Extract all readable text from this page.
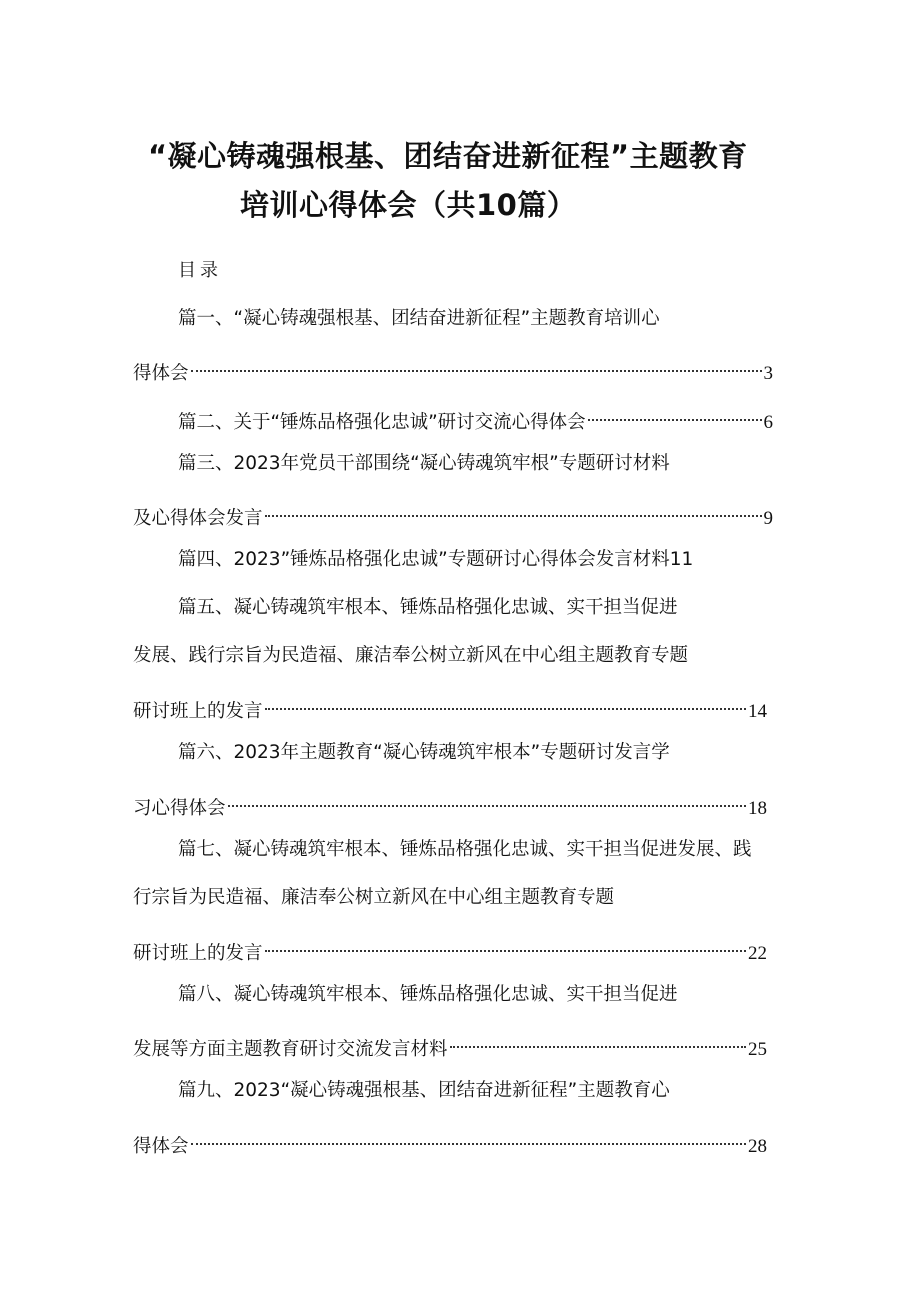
“凝心铸魂强根基、团结奋进新征程”主题教育
培训心得体会（共10篇）
目录
篇一、“凝心铸魂强根基、团结奋进新征程”主题教育培训心
得体会	3
篇二、关于“锤炼品格强化忠诚”研讨交流心得体会	6
篇三、2023年党员干部围绕“凝心铸魂筑牢根”专题研讨材料
及心得体会发言	9
篇四、2023”锤炼品格强化忠诚”专题研讨心得体会发言材料11
篇五、凝心铸魂筑牢根本、锤炼品格强化忠诚、实干担当促进
发展、践行宗旨为民造福、廉洁奉公树立新风在中心组主题教育专题
研讨班上的发言	14
篇六、2023年主题教育“凝心铸魂筑牢根本”专题研讨发言学
习心得体会	18
篇七、凝心铸魂筑牢根本、锤炼品格强化忠诚、实干担当促进发展、践
行宗旨为民造福、廉洁奉公树立新风在中心组主题教育专题
研讨班上的发言	22
篇八、凝心铸魂筑牢根本、锤炼品格强化忠诚、实干担当促进
发展等方面主题教育研讨交流发言材料	25
篇九、2023“凝心铸魂强根基、团结奋进新征程”主题教育心
得体会	28
